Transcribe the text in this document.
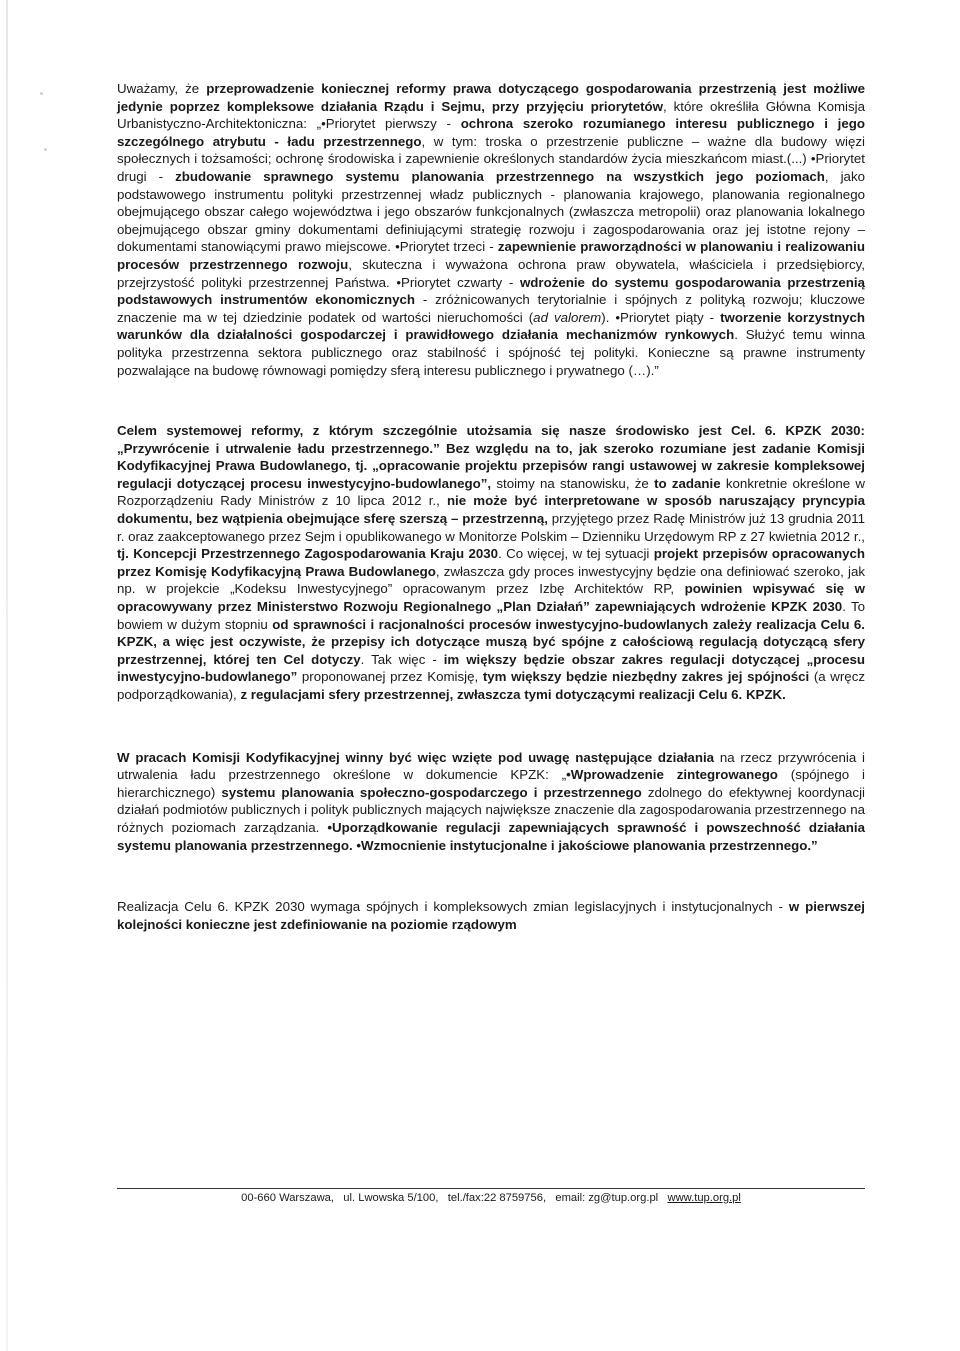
Uważamy, że przeprowadzenie koniecznej reformy prawa dotyczącego gospodarowania przestrzenią jest możliwe jedynie poprzez kompleksowe działania Rządu i Sejmu, przy przyjęciu priorytetów, które określiła Główna Komisja Urbanistyczno-Architektoniczna: „•Priorytet pierwszy - ochrona szeroko rozumianego interesu publicznego i jego szczególnego atrybutu - ładu przestrzennego, w tym: troska o przestrzenie publiczne – ważne dla budowy więzi społecznych i tożsamości; ochronę środowiska i zapewnienie określonych standardów życia mieszkańcom miast.(...) •Priorytet drugi - zbudowanie sprawnego systemu planowania przestrzennego na wszystkich jego poziomach, jako podstawowego instrumentu polityki przestrzennej władz publicznych - planowania krajowego, planowania regionalnego obejmującego obszar całego województwa i jego obszarów funkcjonalnych (zwłaszcza metropolii) oraz planowania lokalnego obejmującego obszar gminy dokumentami definiującymi strategię rozwoju i zagospodarowania oraz jej istotne rejony – dokumentami stanowiącymi prawo miejscowe. •Priorytet trzeci - zapewnienie praworządności w planowaniu i realizowaniu procesów przestrzennego rozwoju, skuteczna i wyważona ochrona praw obywatela, właściciela i przedsiębiorcy, przejrzystość polityki przestrzennej Państwa. •Priorytet czwarty - wdrożenie do systemu gospodarowania przestrzenią podstawowych instrumentów ekonomicznych - zróżnicowanych terytorialnie i spójnych z polityką rozwoju; kluczowe znaczenie ma w tej dziedzinie podatek od wartości nieruchomości (ad valorem). •Priorytet piąty - tworzenie korzystnych warunków dla działalności gospodarczej i prawidłowego działania mechanizmów rynkowych. Służyć temu winna polityka przestrzenna sektora publicznego oraz stabilność i spójność tej polityki. Konieczne są prawne instrumenty pozwalające na budowę równowagi pomiędzy sferą interesu publicznego i prywatnego (…).”

Celem systemowej reformy, z którym szczególnie utożsamia się nasze środowisko jest Cel. 6. KPZK 2030: „Przywrócenie i utrwalenie ładu przestrzennego.” Bez względu na to, jak szeroko rozumiane jest zadanie Komisji Kodyfikacyjnej Prawa Budowlanego, tj. „opracowanie projektu przepisów rangi ustawowej w zakresie kompleksowej regulacji dotyczącej procesu inwestycyjno-budowlanego”, stoimy na stanowisku, że to zadanie konkretnie określone w Rozporządzeniu Rady Ministrów z 10 lipca 2012 r., nie może być interpretowane w sposób naruszający pryncypia dokumentu, bez wątpienia obejmujące sferę szerszą – przestrzenną, przyjętego przez Radę Ministrów już 13 grudnia 2011 r. oraz zaakceptowanego przez Sejm i opublikowanego w Monitorze Polskim – Dzienniku Urzędowym RP z 27 kwietnia 2012 r., tj. Koncepcji Przestrzennego Zagospodarowania Kraju 2030. Co więcej, w tej sytuacji projekt przepisów opracowanych przez Komisję Kodyfikacyjną Prawa Budowlanego, zwłaszcza gdy proces inwestycyjny będzie ona definiować szeroko, jak np. w projekcie „Kodeksu Inwestycyjnego” opracowanym przez Izbę Architektów RP, powinien wpisywać się w opracowywany przez Ministerstwo Rozwoju Regionalnego „Plan Działań” zapewniających wdrożenie KPZK 2030. To bowiem w dużym stopniu od sprawności i racjonalności procesów inwestycyjno-budowlanych zależy realizacja Celu 6. KPZK, a więc jest oczywiste, że przepisy ich dotyczące muszą być spójne z całościową regulacją dotyczącą sfery przestrzennej, której ten Cel dotyczy. Tak więc - im większy będzie obszar zakres regulacji dotyczącej „procesu inwestycyjno-budowlanego” proponowanej przez Komisję, tym większy będzie niezbędny zakres jej spójności (a wręcz podporządkowania), z regulacjami sfery przestrzennej, zwłaszcza tymi dotyczącymi realizacji Celu 6. KPZK.

W pracach Komisji Kodyfikacyjnej winny być więc wzięte pod uwagę następujące działania na rzecz przywrócenia i utrwalenia ładu przestrzennego określone w dokumencie KPZK: „•Wprowadzenie zintegrowanego (spójnego i hierarchicznego) systemu planowania społeczno-gospodarczego i przestrzennego zdolnego do efektywnej koordynacji działań podmiotów publicznych i polityk publicznych mających największe znaczenie dla zagospodarowania przestrzennego na różnych poziomach zarządzania. •Uporządkowanie regulacji zapewniających sprawność i powszechność działania systemu planowania przestrzennego. •Wzmocnienie instytucjonalne i jakościowe planowania przestrzennego.”

Realizacja Celu 6. KPZK 2030 wymaga spójnych i kompleksowych zmian legislacyjnych i instytucjonalnych - w pierwszej kolejności konieczne jest zdefiniowanie na poziomie rządowym

00-660 Warszawa,   ul. Lwowska 5/100,   tel./fax:22 8759756,   email: zg@tup.org.pl   www.tup.org.pl
